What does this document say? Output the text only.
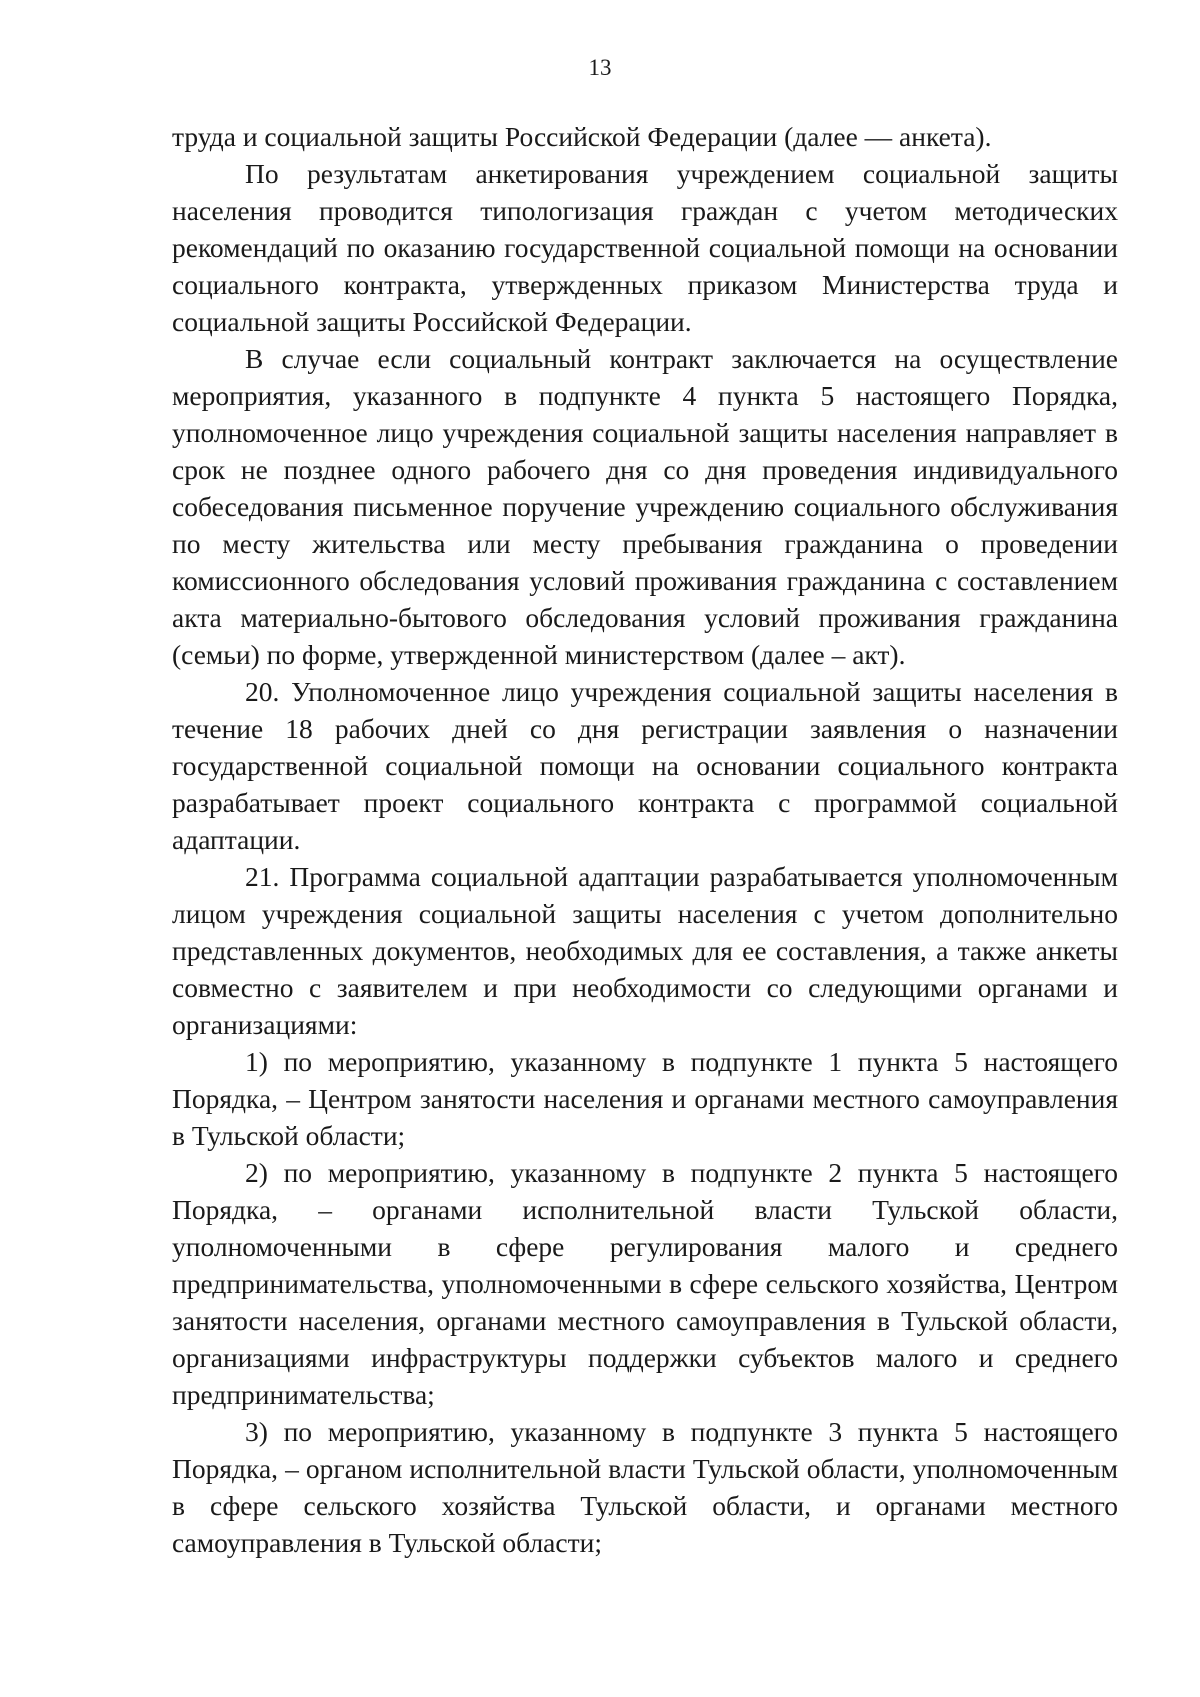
13

труда и социальной защиты Российской Федерации (далее — анкета).

По результатам анкетирования учреждением социальной защиты населения проводится типологизация граждан с учетом методических рекомендаций по оказанию государственной социальной помощи на основании социального контракта, утвержденных приказом Министерства труда и социальной защиты Российской Федерации.

В случае если социальный контракт заключается на осуществление мероприятия, указанного в подпункте 4 пункта 5 настоящего Порядка, уполномоченное лицо учреждения социальной защиты населения направляет в срок не позднее одного рабочего дня со дня проведения индивидуального собеседования письменное поручение учреждению социального обслуживания по месту жительства или месту пребывания гражданина о проведении комиссионного обследования условий проживания гражданина с составлением акта материально-бытового обследования условий проживания гражданина (семьи) по форме, утвержденной министерством (далее – акт).

20. Уполномоченное лицо учреждения социальной защиты населения в течение 18 рабочих дней со дня регистрации заявления о назначении государственной социальной помощи на основании социального контракта разрабатывает проект социального контракта с программой социальной адаптации.

21. Программа социальной адаптации разрабатывается уполномоченным лицом учреждения социальной защиты населения с учетом дополнительно представленных документов, необходимых для ее составления, а также анкеты совместно с заявителем и при необходимости со следующими органами и организациями:

1) по мероприятию, указанному в подпункте 1 пункта 5 настоящего Порядка, – Центром занятости населения и органами местного самоуправления в Тульской области;

2) по мероприятию, указанному в подпункте 2 пункта 5 настоящего Порядка, – органами исполнительной власти Тульской области, уполномоченными в сфере регулирования малого и среднего предпринимательства, уполномоченными в сфере сельского хозяйства, Центром занятости населения, органами местного самоуправления в Тульской области, организациями инфраструктуры поддержки субъектов малого и среднего предпринимательства;

3) по мероприятию, указанному в подпункте 3 пункта 5 настоящего Порядка, – органом исполнительной власти Тульской области, уполномоченным в сфере сельского хозяйства Тульской области, и органами местного самоуправления в Тульской области;
